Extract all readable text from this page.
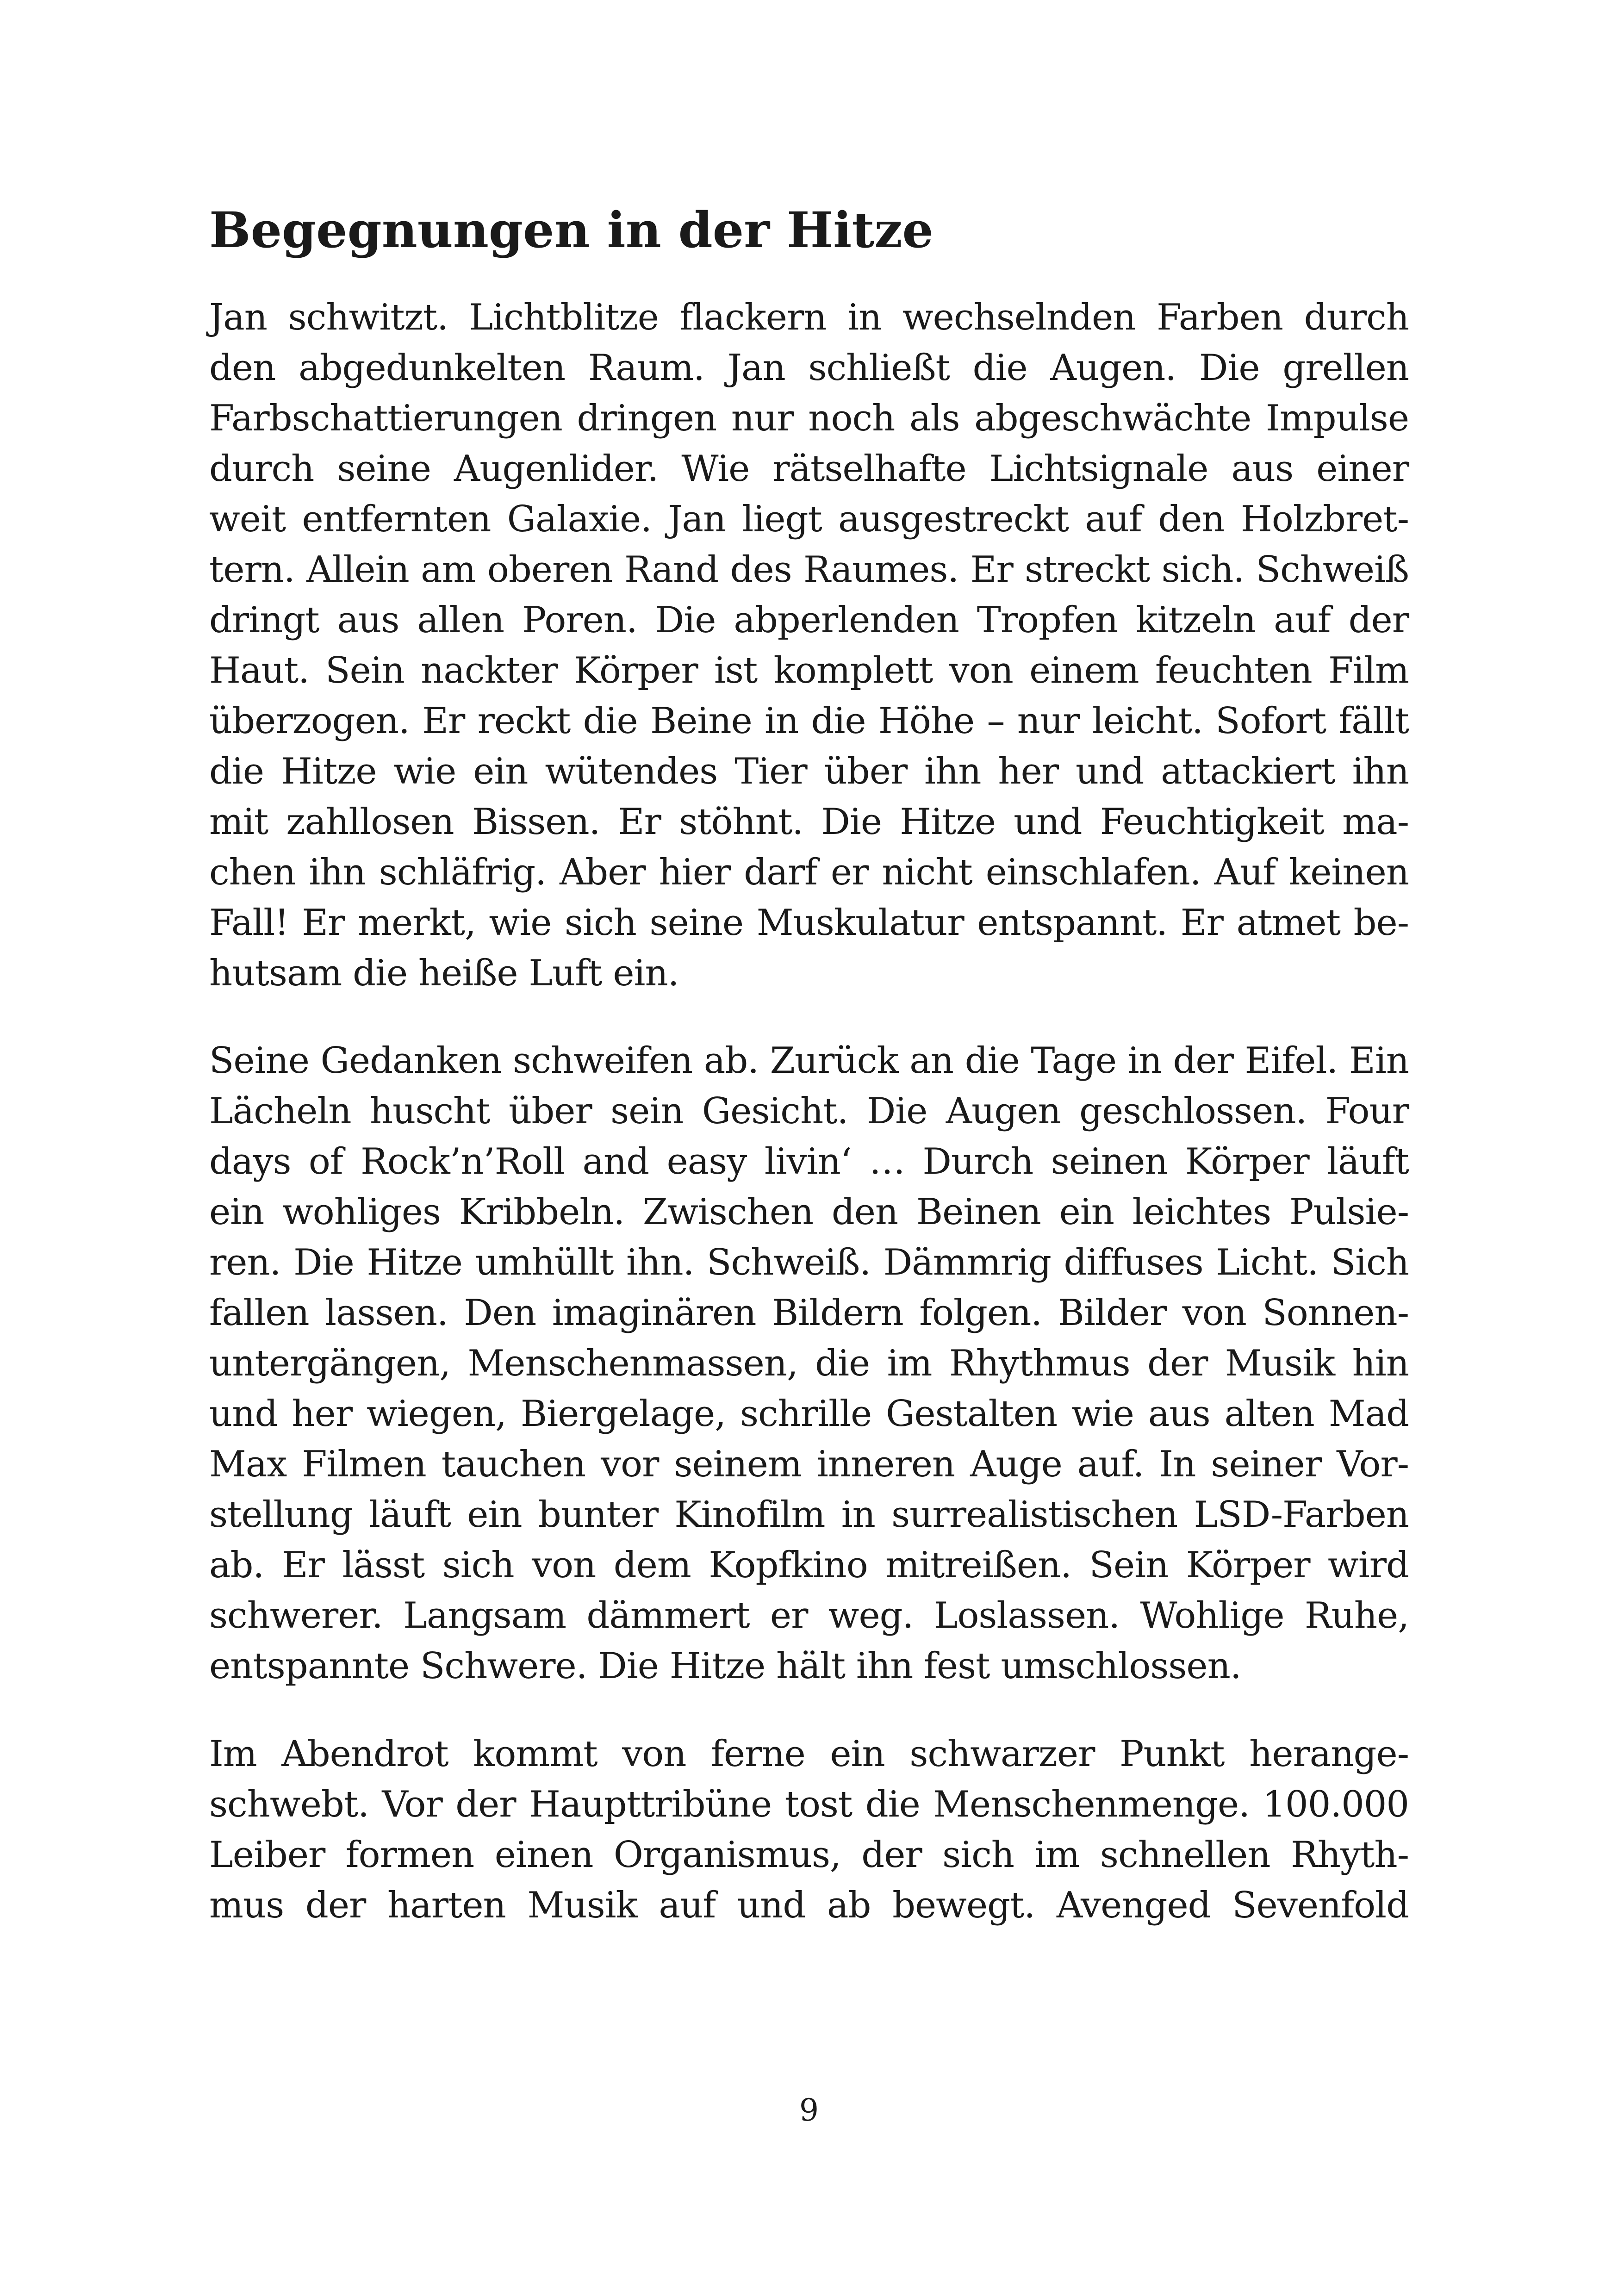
Begegnungen in der Hitze

Jan schwitzt. Lichtblitze flackern in wechselnden Farben durch
den abgedunkelten Raum. Jan schließt die Augen. Die grellen
Farbschattierungen dringen nur noch als abgeschwächte Impulse
durch seine Augenlider. Wie rätselhafte Lichtsignale aus einer
weit entfernten Galaxie. Jan liegt ausgestreckt auf den Holzbret-
tern. Allein am oberen Rand des Raumes. Er streckt sich. Schweiß
dringt aus allen Poren. Die abperlenden Tropfen kitzeln auf der
Haut. Sein nackter Körper ist komplett von einem feuchten Film
überzogen. Er reckt die Beine in die Höhe – nur leicht. Sofort fällt
die Hitze wie ein wütendes Tier über ihn her und attackiert ihn
mit zahllosen Bissen. Er stöhnt. Die Hitze und Feuchtigkeit ma-
chen ihn schläfrig. Aber hier darf er nicht einschlafen. Auf keinen
Fall! Er merkt, wie sich seine Muskulatur entspannt. Er atmet be-
hutsam die heiße Luft ein.

Seine Gedanken schweifen ab. Zurück an die Tage in der Eifel. Ein
Lächeln huscht über sein Gesicht. Die Augen geschlossen. Four
days of Rock’n’Roll and easy livin‘ … Durch seinen Körper läuft
ein wohliges Kribbeln. Zwischen den Beinen ein leichtes Pulsie-
ren. Die Hitze umhüllt ihn. Schweiß. Dämmrig diffuses Licht. Sich
fallen lassen. Den imaginären Bildern folgen. Bilder von Sonnen-
untergängen, Menschenmassen, die im Rhythmus der Musik hin
und her wiegen, Biergelage, schrille Gestalten wie aus alten Mad
Max Filmen tauchen vor seinem inneren Auge auf. In seiner Vor-
stellung läuft ein bunter Kinofilm in surrealistischen LSD-Farben
ab. Er lässt sich von dem Kopfkino mitreißen. Sein Körper wird
schwerer. Langsam dämmert er weg. Loslassen. Wohlige Ruhe,
entspannte Schwere. Die Hitze hält ihn fest umschlossen.

Im Abendrot kommt von ferne ein schwarzer Punkt herange-
schwebt. Vor der Haupttribüne tost die Menschenmenge. 100.000
Leiber formen einen Organismus, der sich im schnellen Rhyth-
mus der harten Musik auf und ab bewegt. Avenged Sevenfold

9
